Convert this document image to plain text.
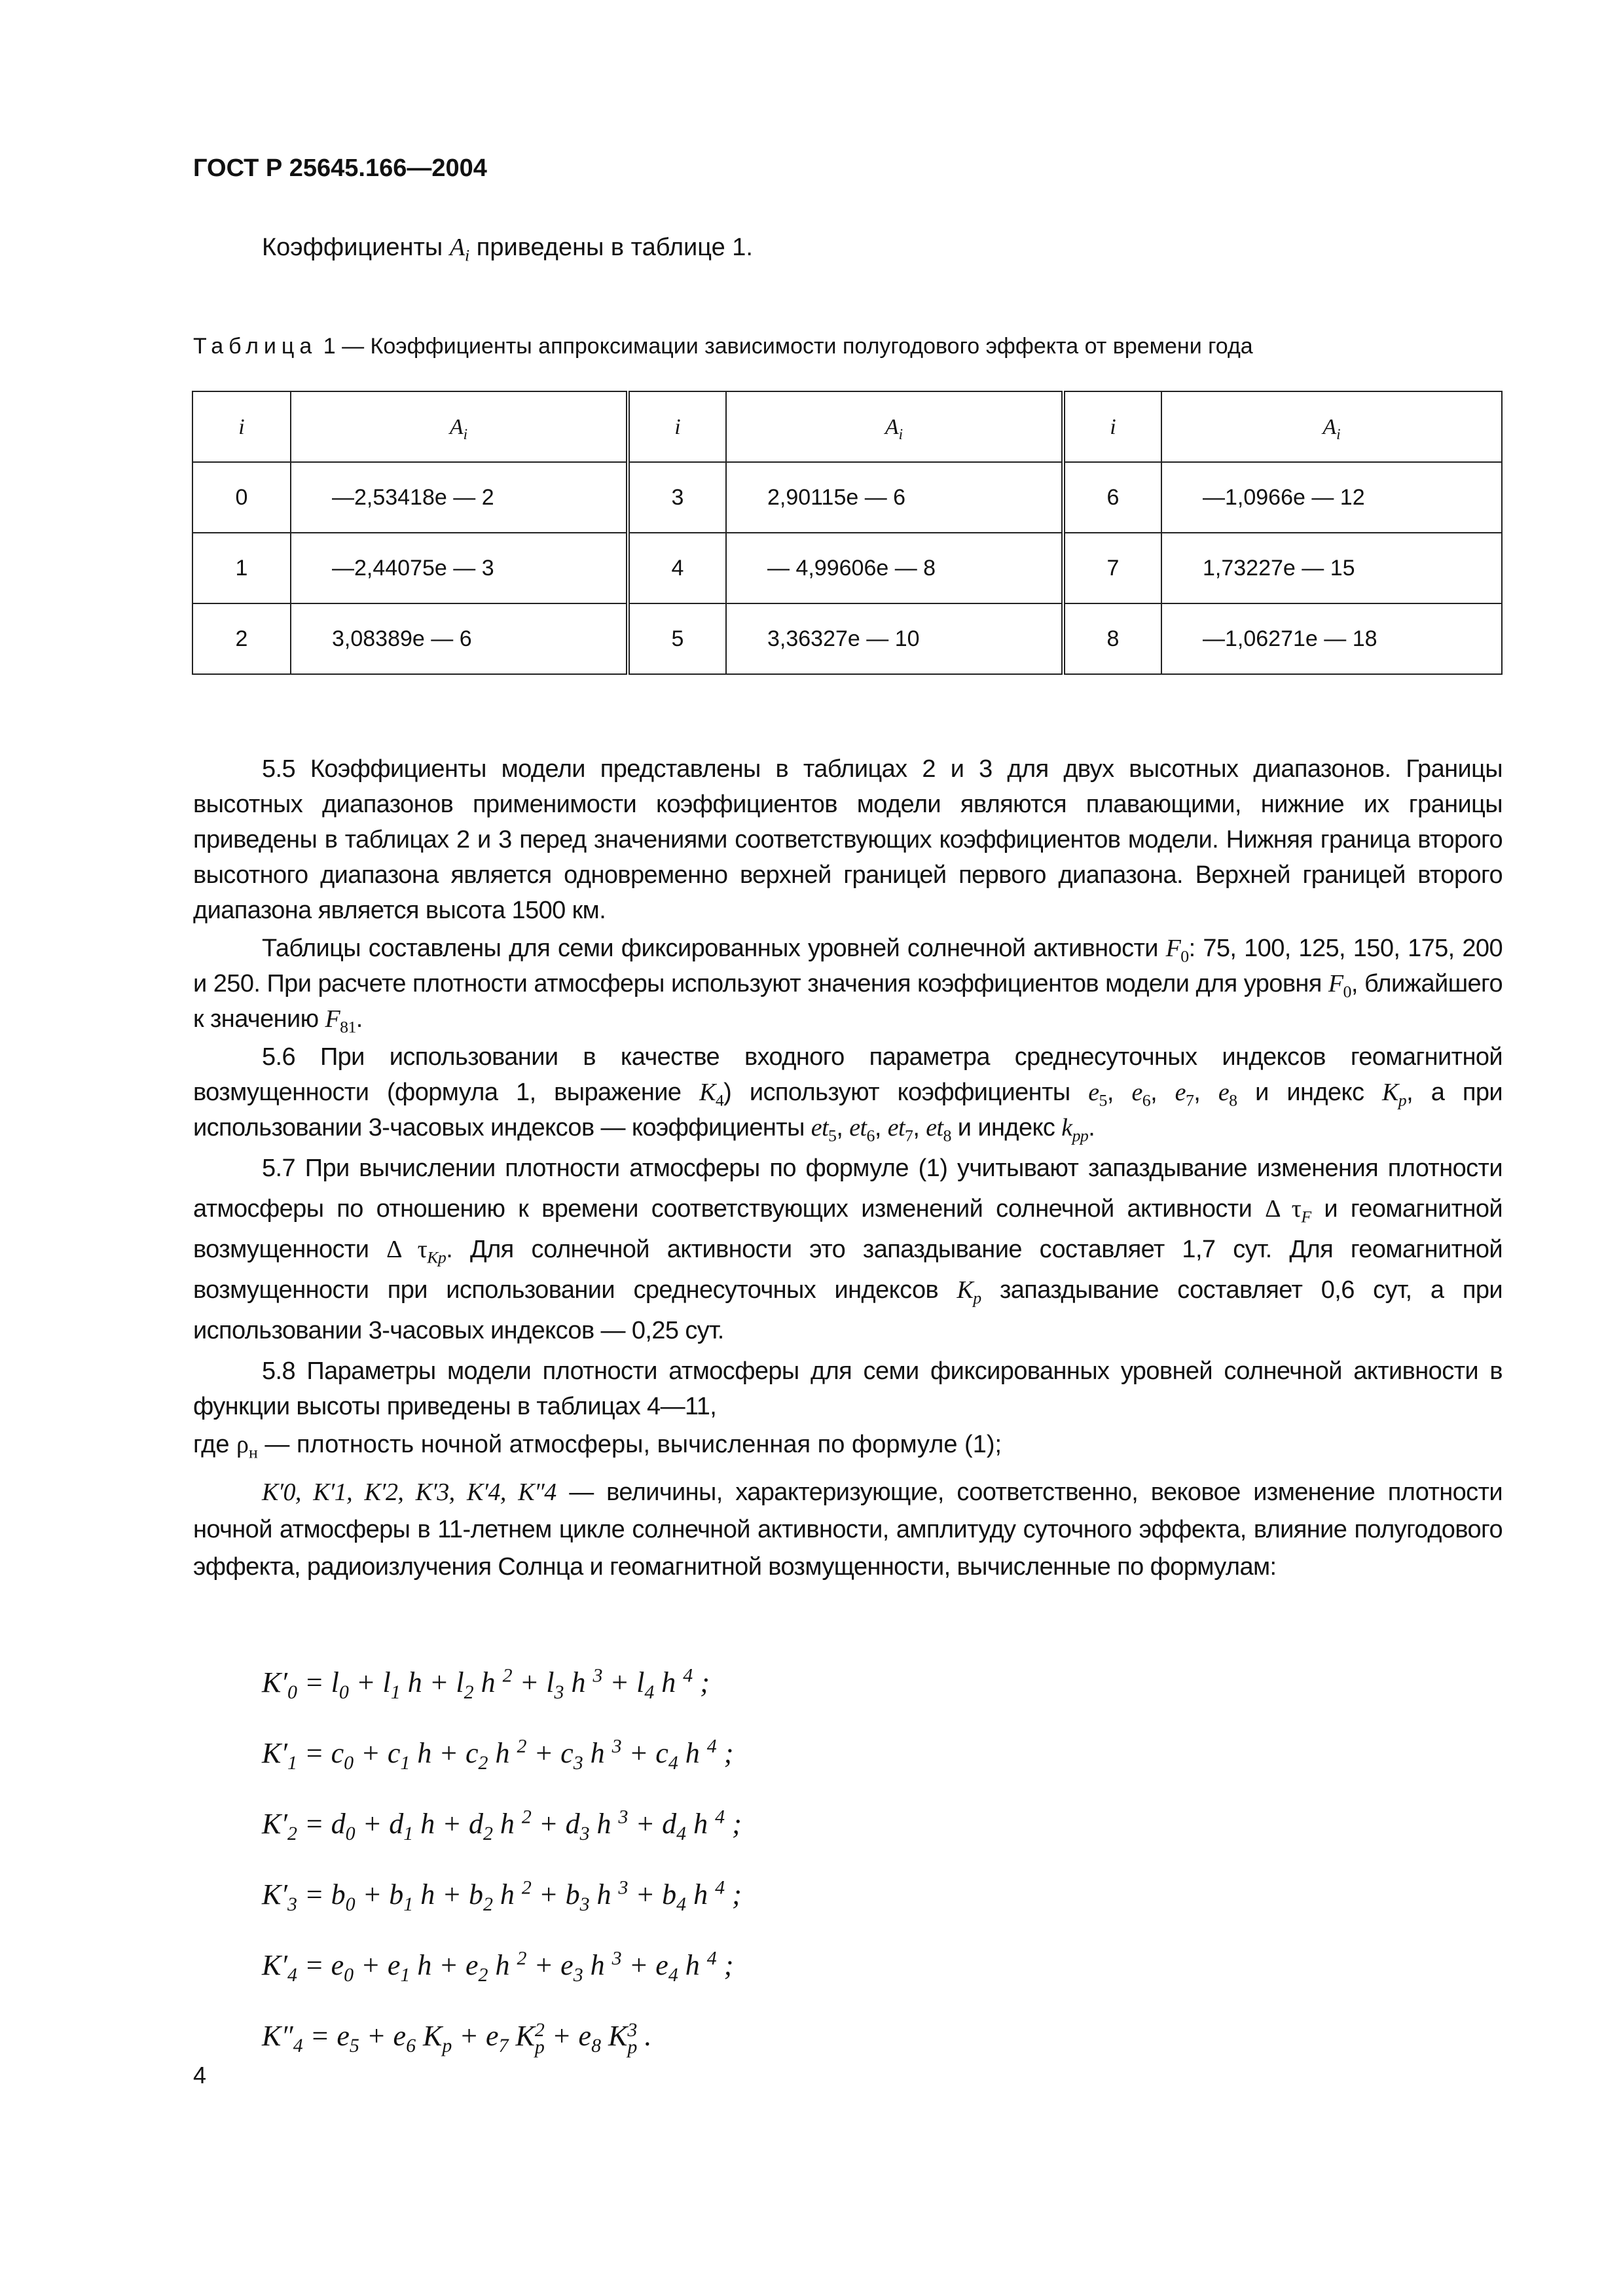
ГОСТ Р 25645.166—2004
Коэффициенты $A_i$ приведены в таблице 1.
Таблица 1 — Коэффициенты аппроксимации зависимости полугодового эффекта от времени года
i	$A_i$	i	$A_i$	i	$A_i$
0	—2,53418e — 2	3	2,90115e — 6	6	—1,0966e — 12
1	—2,44075e — 3	4	— 4,99606e — 8	7	1,73227e — 15
2	3,08389e — 6	5	3,36327e — 10	8	—1,06271e — 18

5.5 Коэффициенты модели представлены в таблицах 2 и 3 для двух высотных диапазонов. Границы высотных диапазонов применимости коэффициентов модели являются плавающими, нижние их границы приведены в таблицах 2 и 3 перед значениями соответствующих коэффициентов модели. Нижняя граница второго высотного диапазона является одновременно верхней границей первого диапазона. Верхней границей второго диапазона является высота 1500 км.

Таблицы составлены для семи фиксированных уровней солнечной активности $F_0$: 75, 100, 125, 150, 175, 200 и 250. При расчете плотности атмосферы используют значения коэффициентов модели для уровня $F_0$, ближайшего к значению $F_{81}$.

5.6 При использовании в качестве входного параметра среднесуточных индексов геомагнитной возмущенности (формула 1, выражение $K_4$) используют коэффициенты $e_5$, $e_6$, $e_7$, $e_8$ и индекс $K_p$, а при использовании 3-часовых индексов — коэффициенты $et_5$, $et_6$, $et_7$, $et_8$ и индекс $k_{pp}$.

5.7 При вычислении плотности атмосферы по формуле (1) учитывают запаздывание изменения плотности атмосферы по отношению к времени соответствующих изменений солнечной активности Δ $\tau_F$ и геомагнитной возмущенности Δ $\tau_{Kp}$. Для солнечной активности это запаздывание составляет 1,7 сут. Для геомагнитной возмущенности при использовании среднесуточных индексов $K_p$ запаздывание составляет 0,6 сут, а при использовании 3-часовых индексов — 0,25 сут.

5.8 Параметры модели плотности атмосферы для семи фиксированных уровней солнечной активности в функции высоты приведены в таблицах 4—11,

где $\rho_н$ — плотность ночной атмосферы, вычисленная по формуле (1);

K′0, K′1, K′2, K′3, K′4, K″4 — величины, характеризующие, соответственно, вековое изменение плотности ночной атмосферы в 11-летнем цикле солнечной активности, амплитуду суточного эффекта, влияние полугодового эффекта, радиоизлучения Солнца и геомагнитной возмущенности, вычисленные по формулам:

$K'_0 = l_0 + l_1$ $h + l_2$ h $^2 + l_3$ h $^3 + l_4$ h $^4$ ;
$K'_1 = c_0 + c_1$ $h + c_2$ h $^2 + c_3$ h $^3 + c_4$ h $^4$ ;
$K'_2 = d_0 + d_1$ $h + d_2$ h $^2 + d_3$ h $^3 + d_4$ h $^4$ ;
$K'_3 = b_0 + b_1$ $h + b_2$ h $^2 + b_3$ h $^3 + b_4$ h $^4$ ;
$K'_4 = e_0 + e_1$ $h + e_2$ h $^2 + e_3$ h $^3 + e_4$ h $^4$ ;
$K''_4 = e_5 + e_6$ $K_p + e_7$ K 2
$p + e_8$ K 3
p .
4
